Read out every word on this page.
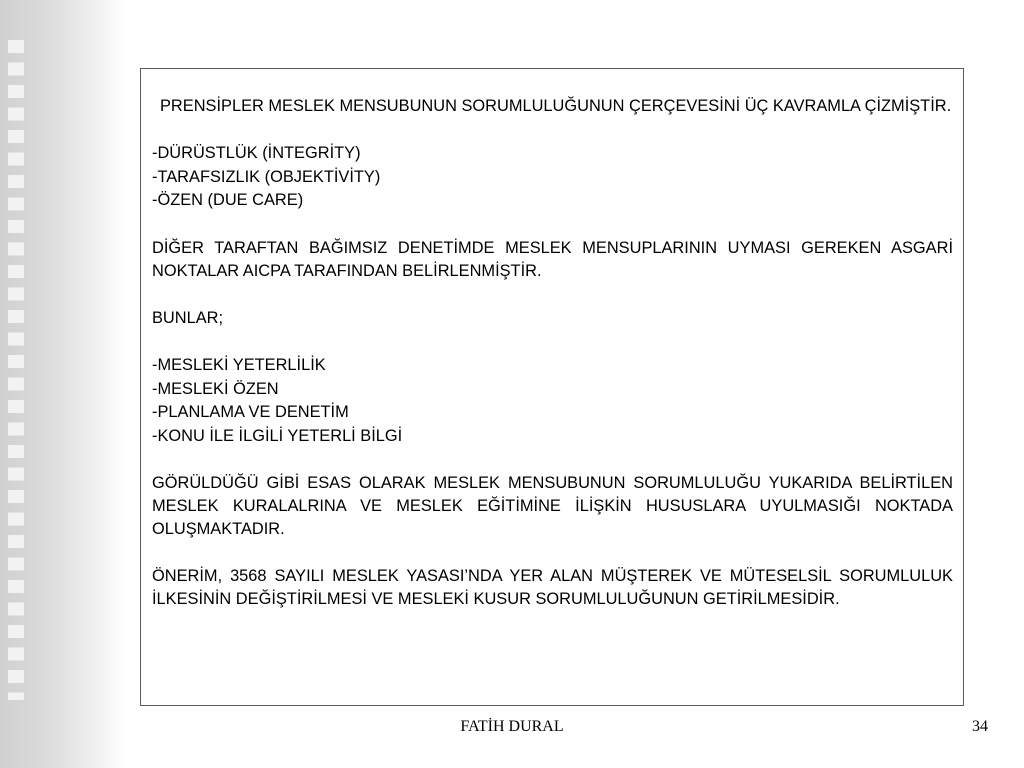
PRENSİPLER MESLEK MENSUBUNUN SORUMLULUĞUNUN ÇERÇEVESİNİ ÜÇ KAVRAMLA ÇİZMİŞTİR.

-DÜRÜSTLÜK (İNTEGRİTY)

-TARAFSIZLIK (OBJEKTİVİTY)

-ÖZEN (DUE CARE)

DİĞER TARAFTAN BAĞIMSIZ DENETİMDE MESLEK MENSUPLARININ UYMASI GEREKEN ASGARİ NOKTALAR AICPA TARAFINDAN BELİRLENMİŞTİR.

BUNLAR;

-MESLEKİ YETERLİLİK

-MESLEKİ ÖZEN

-PLANLAMA VE DENETİM

-KONU İLE İLGİLİ YETERLİ BİLGİ

GÖRÜLDÜĞÜ GİBİ ESAS OLARAK MESLEK MENSUBUNUN SORUMLULUĞU YUKARIDA BELİRTİLEN MESLEK KURALALRINA VE MESLEK EĞİTİMİNE İLİŞKİN HUSUSLARA UYULMASIĞI NOKTADA OLUŞMAKTADIR.

ÖNERİM, 3568 SAYILI MESLEK YASASI’NDA YER ALAN MÜŞTEREK VE MÜTESELSİL SORUMLULUK İLKESİNİN DEĞİŞTİRİLMESİ VE MESLEKİ KUSUR SORUMLULUĞUNUN GETİRİLMESİDİR.

FATİH DURAL	34
